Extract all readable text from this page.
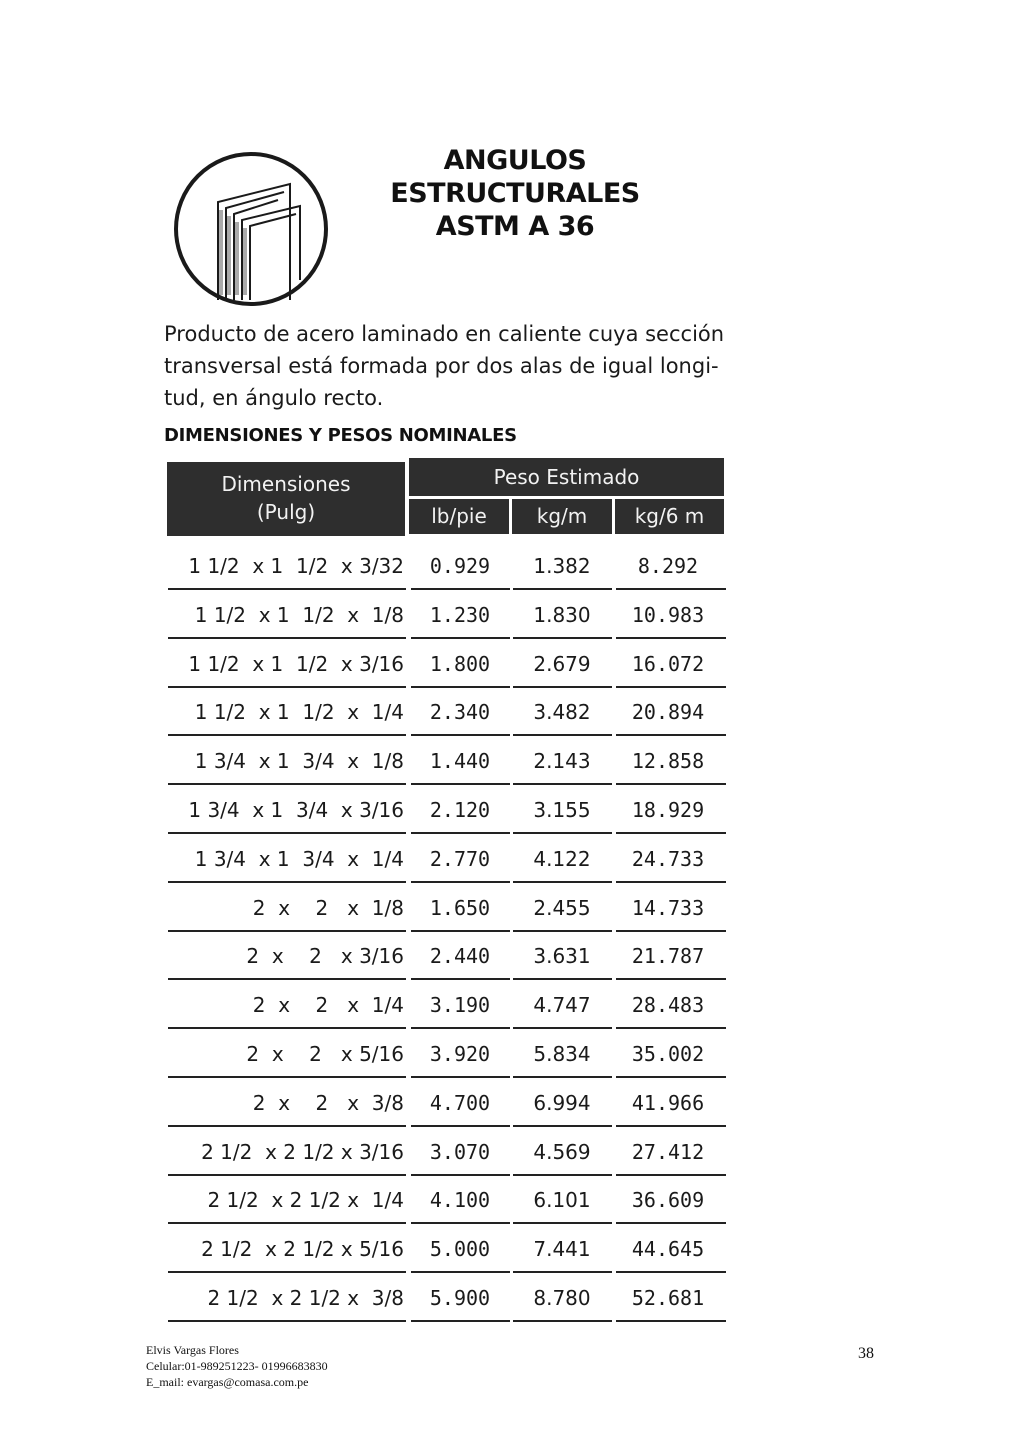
ANGULOS
ESTRUCTURALES
ASTM A 36
Producto de acero laminado en caliente cuya sección
transversal está formada por dos alas de igual longi-
tud, en ángulo recto.
DIMENSIONES Y PESOS NOMINALES
Dimensiones
(Pulg)
Peso Estimado
lb/pie	kg/m	kg/6 m
1 1/2  x 1  1/2  x 3/32	0.929	1.382	8.292
1 1/2  x 1  1/2  x  1/8	1.230	1.830	10.983
1 1/2  x 1  1/2  x 3/16	1.800	2.679	16.072
1 1/2  x 1  1/2  x  1/4	2.340	3.482	20.894
1 3/4  x 1  3/4  x  1/8	1.440	2.143	12.858
1 3/4  x 1  3/4  x 3/16	2.120	3.155	18.929
1 3/4  x 1  3/4  x  1/4	2.770	4.122	24.733
2  x    2   x  1/8	1.650	2.455	14.733
2  x    2   x 3/16	2.440	3.631	21.787
2  x    2   x  1/4	3.190	4.747	28.483
2  x    2   x 5/16	3.920	5.834	35.002
2  x    2   x  3/8	4.700	6.994	41.966
2 1/2  x 2 1/2 x 3/16	3.070	4.569	27.412
2 1/2  x 2 1/2 x  1/4	4.100	6.101	36.609
2 1/2  x 2 1/2 x 5/16	5.000	7.441	44.645
2 1/2  x 2 1/2 x  3/8	5.900	8.780	52.681
Elvis Vargas Flores
Celular:01-989251223- 01996683830
E_mail: evargas@comasa.com.pe
38
